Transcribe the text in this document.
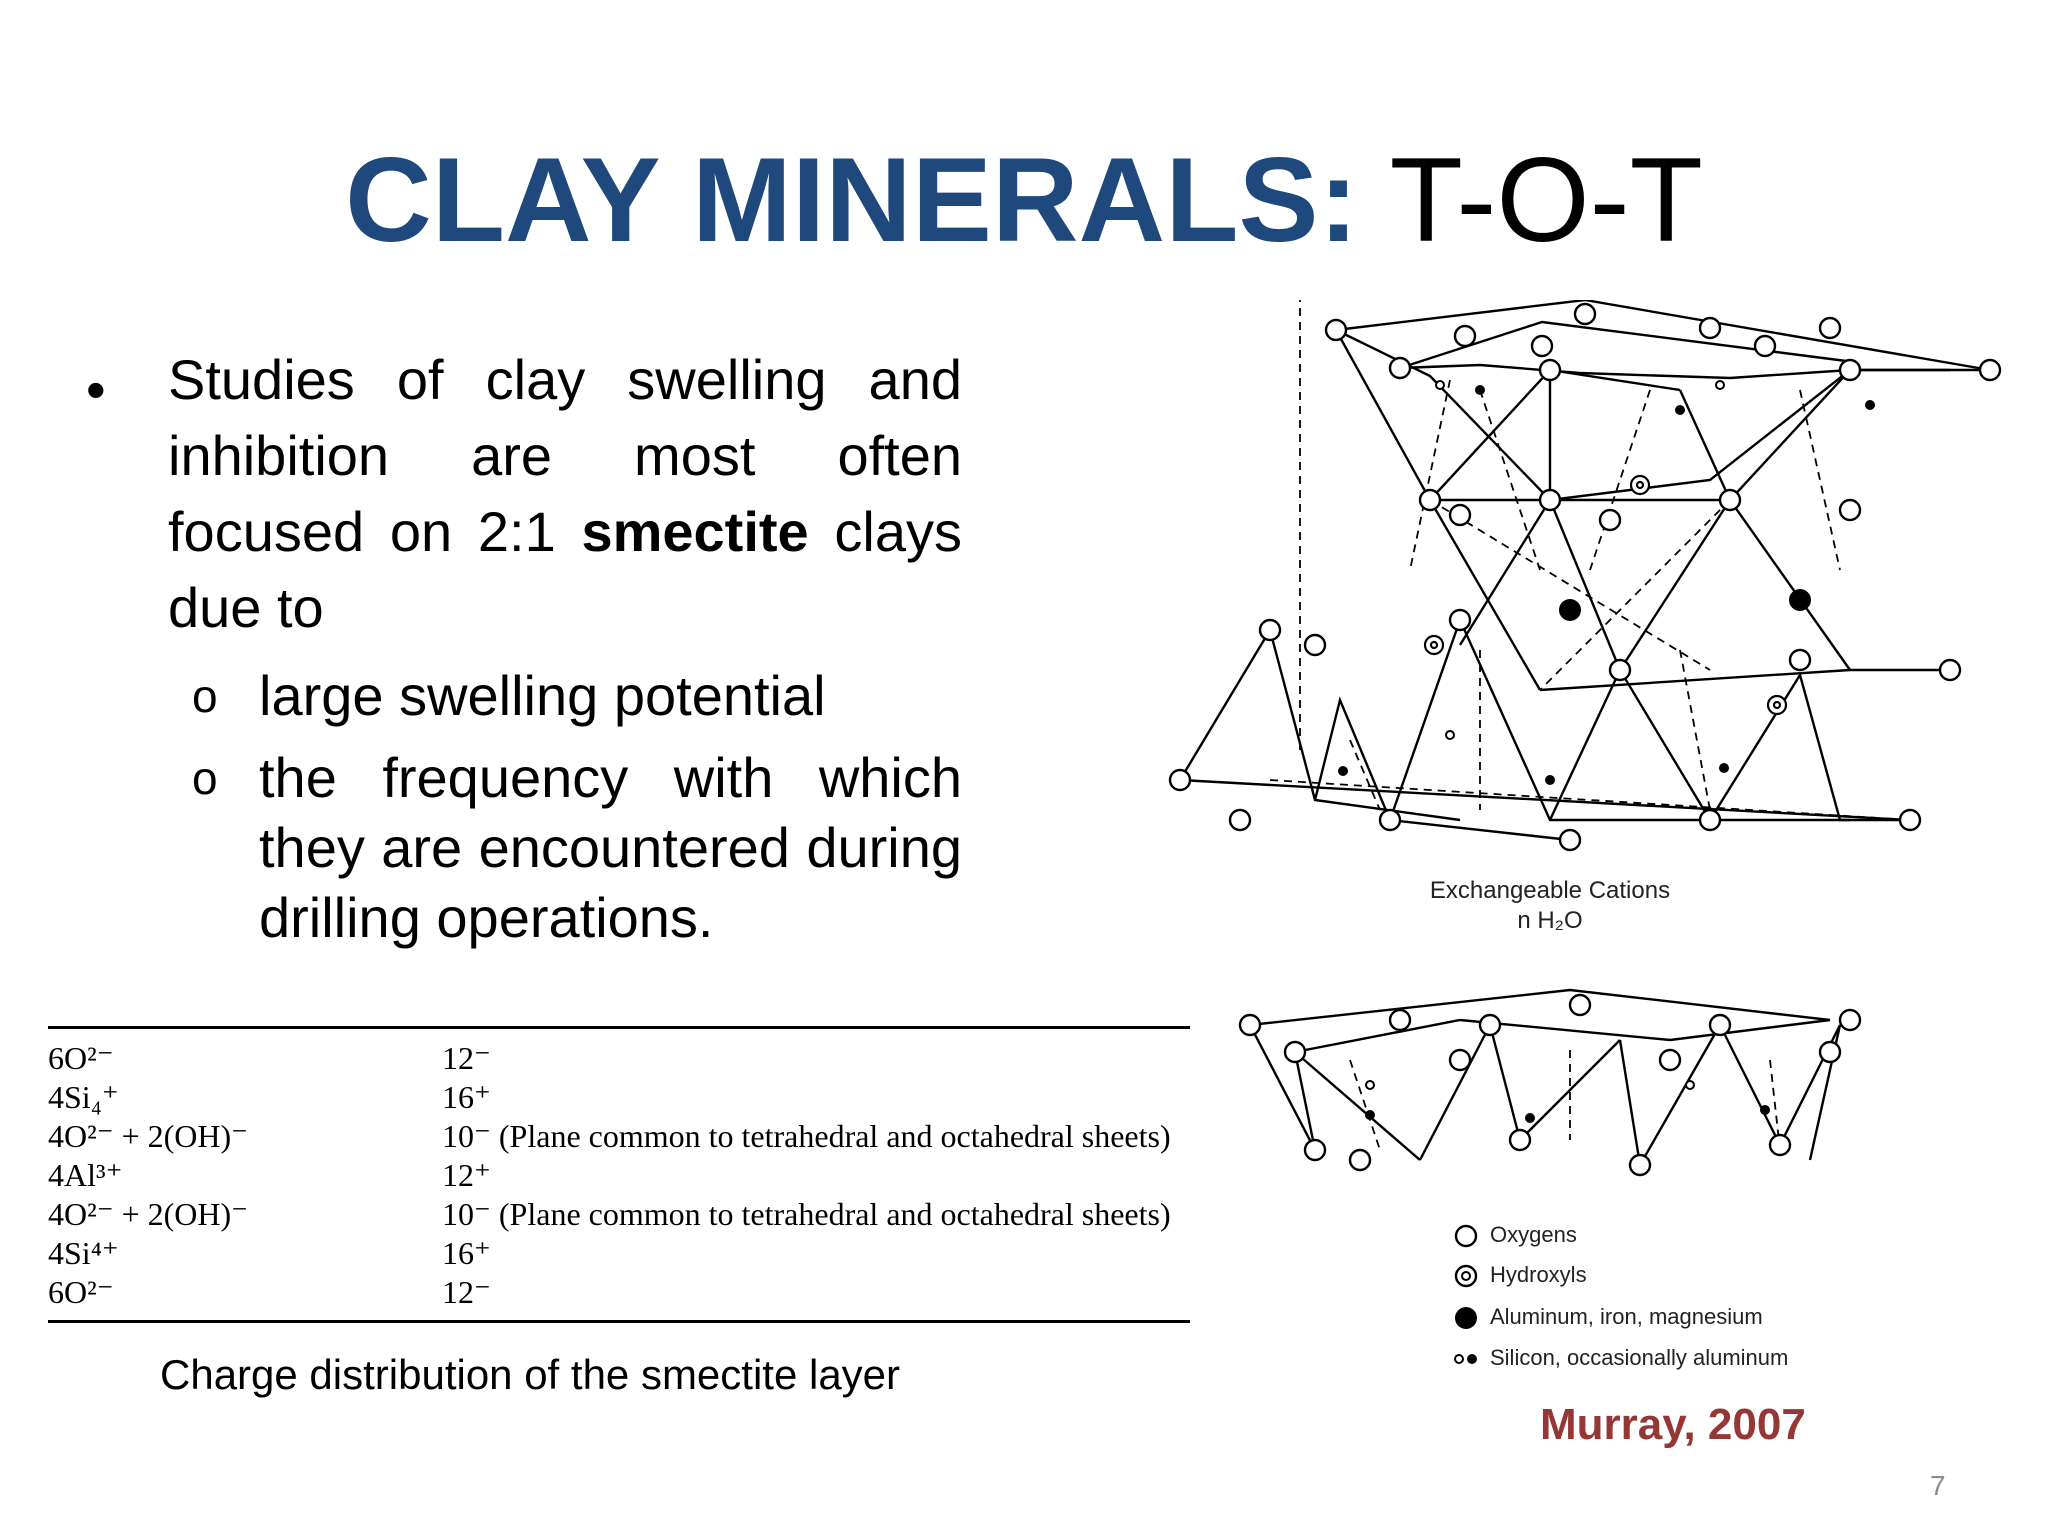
CLAY MINERALS: T-O-T
• Studies of clay swelling and inhibition are most often focused on 2:1 smectite clays due to
o large swelling potential
o the frequency with which they are encountered during drilling operations.
6O²⁻	12⁻
4Si₄⁺	16⁺
4O²⁻ + 2(OH)⁻	10⁻ (Plane common to tetrahedral and octahedral sheets)
4Al³⁺	12⁺
4O²⁻ + 2(OH)⁻	10⁻ (Plane common to tetrahedral and octahedral sheets)
4Si⁴⁺	16⁺
6O²⁻	12⁻
Charge distribution of the smectite layer
Exchangeable Cations
n H₂O
Oxygens
Hydroxyls
Aluminum, iron, magnesium
Silicon, occasionally aluminum
Murray, 2007
7
